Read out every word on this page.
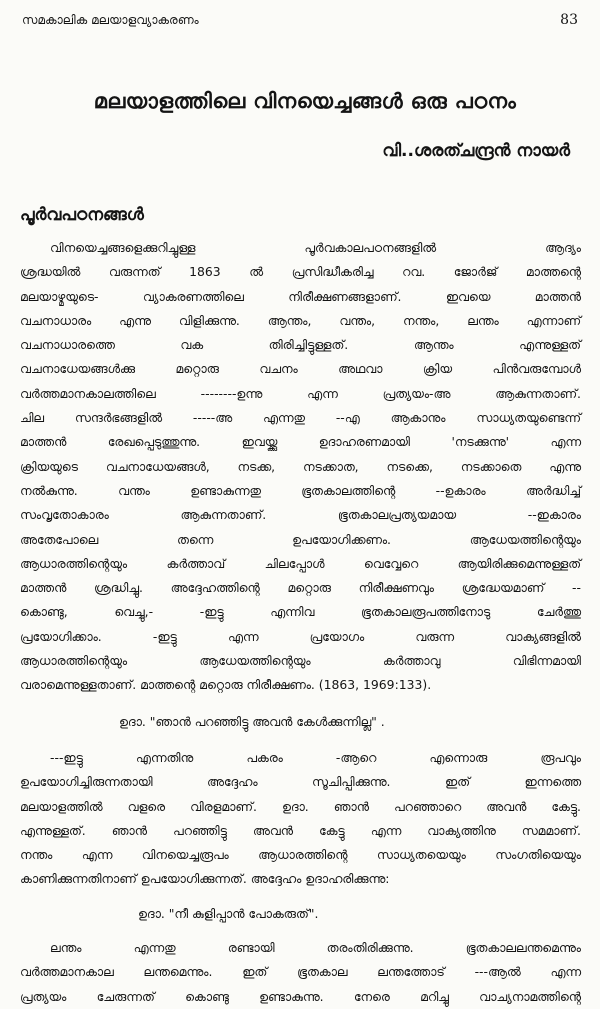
സമകാലിക മലയാളവ്യാകരണം	83
മലയാളത്തിലെ വിനയെച്ചങ്ങൾ ഒരു പഠനം
വി..ശരത്ചന്ദ്രൻ നായർ
പൂർവപഠനങ്ങൾ
വിനയെച്ചങ്ങളെക്കുറിച്ചുള്ള പൂർവകാലപഠനങ്ങളിൽ ആദ്യം
ശ്രദ്ധയിൽ വരുന്നത് 1863 ൽ പ്രസിദ്ധീകരിച്ച റവ. ജോർജ് മാത്തന്റെ
മലയാഴ്മയുടെ- വ്യാകരണത്തിലെ നിരീക്ഷണങ്ങളാണ്. ഇവയെ മാത്തൻ
വചനാധാരം എന്നു വിളിക്കുന്നു. ആന്തം, വന്തം, നന്തം, ലന്തം എന്നാണ്
വചനാധാരത്തെ വക തിരിച്ചിട്ടുള്ളത്. ആന്തം എന്നുള്ളത്
വചനാധേയങ്ങൾക്കു മറ്റൊരു വചനം അഥവാ ക്രിയ പിൻവരുമ്പോൾ
വർത്തമാനകാലത്തിലെ --------ഉന്നു എന്ന പ്രത്യയം-അ ആകുന്നതാണ്.
ചില സന്ദർഭങ്ങളിൽ -----അ എന്നതു --എ ആകാനും സാധ്യതയുണ്ടെന്ന്
മാത്തൻ രേഖപ്പെടുത്തുന്നു. ഇവയ്ക്കു ഉദാഹരണമായി 'നടക്കുന്നു' എന്ന
ക്രിയയുടെ വചനാധേയങ്ങൾ, നടക്ക, നടക്കാത, നടക്കെ, നടക്കാതെ എന്നു
നൽകുന്നു. വന്തം ഉണ്ടാകുന്നതു ഭൂതകാലത്തിന്റെ --ഉകാരം അർദ്ധിച്ച്
സംവൃതോകാരം ആകുന്നതാണ്. ഭൂതകാലപ്രത്യയമായ --ഇകാരം
അതേപോലെ തന്നെ ഉപയോഗിക്കണം. ആധേയത്തിന്റെയും
ആധാരത്തിന്റെയും കർത്താവ് ചിലപ്പോൾ വെവ്വേറെ ആയിരിക്കുമെന്നുള്ളത്
മാത്തൻ ശ്രദ്ധിച്ചു. അദ്ദേഹത്തിന്റെ മറ്റൊരു നിരീക്ഷണവും ശ്രദ്ധേയമാണ് --
കൊണ്ടു, വെച്ചു,- -ഇട്ടു എന്നിവ ഭൂതകാലരൂപത്തിനോടു ചേർത്തു
പ്രയോഗിക്കാം. -ഇട്ടു എന്ന പ്രയോഗം വരുന്ന വാക്യങ്ങളിൽ
ആധാരത്തിന്റെയും ആധേയത്തിന്റെയും കർത്താവു വിഭിന്നമായി
വരാമെന്നുള്ളതാണ്. മാത്തന്റെ മറ്റൊരു നിരീക്ഷണം. (1863, 1969:133).

ഉദാ. "ഞാൻ പറഞ്ഞിട്ടു അവൻ കേൾക്കുന്നില്ല" .

---ഇട്ടു എന്നതിനു പകരം -ആറെ എന്നൊരു രൂപവും
ഉപയോഗിച്ചിരുന്നതായി അദ്ദേഹം സൂചിപ്പിക്കുന്നു. ഇത് ഇന്നത്തെ
മലയാളത്തിൽ വളരെ വിരളമാണ്. ഉദാ. ഞാൻ പറഞ്ഞാറെ അവൻ കേട്ടു.
എന്നുള്ളത്. ഞാൻ പറഞ്ഞിട്ടു അവൻ കേട്ടു എന്ന വാക്യത്തിനു സമമാണ്.
നന്തം എന്ന വിനയെച്ചരൂപം ആധാരത്തിന്റെ സാധ്യതയെയും സംഗതിയെയും
കാണിക്കുന്നതിനാണ് ഉപയോഗിക്കുന്നത്. അദ്ദേഹം ഉദാഹരിക്കുന്നു:

ഉദാ. "നീ കുളിപ്പാൻ പോകരുത്".

ലന്തം എന്നതു രണ്ടായി തരംതിരിക്കുന്നു. ഭൂതകാലലന്തമെന്നും
വർത്തമാനകാല ലന്തമെന്നും. ഇത് ഭൂതകാല ലന്തത്തോട് ---ആൽ എന്ന
പ്രത്യയം ചേരുന്നത് കൊണ്ടു ഉണ്ടാകുന്നു. നേരെ മറിച്ചു വാച്യനാമത്തിന്റെ
